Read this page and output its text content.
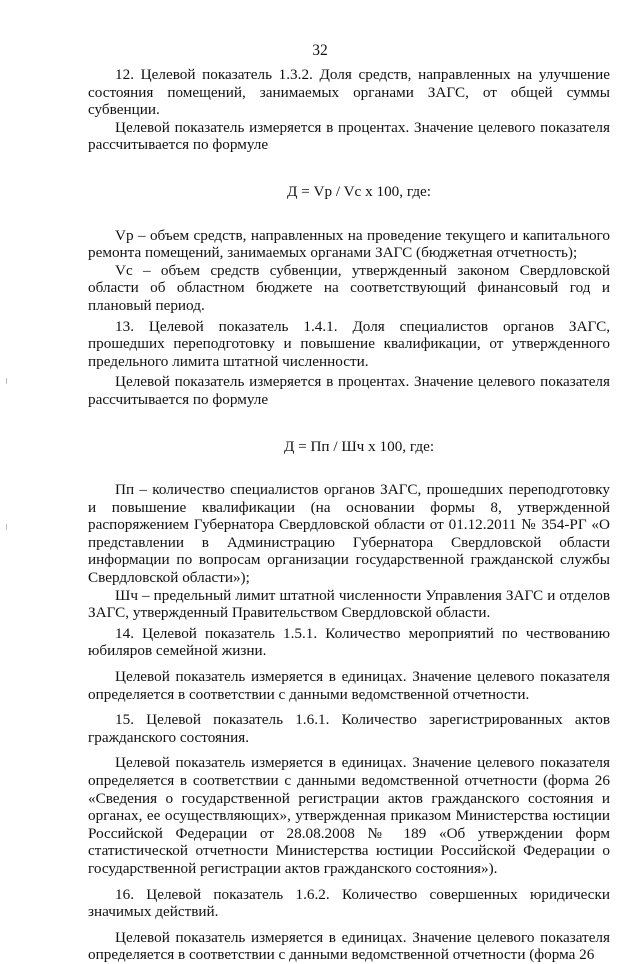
32

12. Целевой показатель 1.3.2. Доля средств, направленных на улучшение состояния помещений, занимаемых органами ЗАГС, от общей суммы субвенции.

Целевой показатель измеряется в процентах. Значение целевого показателя рассчитывается по формуле

Д = Vp / Vc x 100, где:

Vp – объем средств, направленных на проведение текущего и капитального ремонта помещений, занимаемых органами ЗАГС (бюджетная отчетность);

Vc – объем средств субвенции, утвержденный законом Свердловской области об областном бюджете на соответствующий финансовый год и плановый период.

13. Целевой показатель 1.4.1. Доля специалистов органов ЗАГС, прошедших переподготовку и повышение квалификации, от утвержденного предельного лимита штатной численности.

Целевой показатель измеряется в процентах. Значение целевого показателя рассчитывается по формуле

Д = Пп / Шч x 100, где:

Пп – количество специалистов органов ЗАГС, прошедших переподготовку и повышение квалификации (на основании формы 8, утвержденной распоряжением Губернатора Свердловской области от 01.12.2011 № 354-РГ «О представлении в Администрацию Губернатора Свердловской области информации по вопросам организации государственной гражданской службы Свердловской области»);

Шч – предельный лимит штатной численности Управления ЗАГС и отделов ЗАГС, утвержденный Правительством Свердловской области.

14. Целевой показатель 1.5.1. Количество мероприятий по чествованию юбиляров семейной жизни.

Целевой показатель измеряется в единицах. Значение целевого показателя определяется в соответствии с данными ведомственной отчетности.

15. Целевой показатель 1.6.1. Количество зарегистрированных актов гражданского состояния.

Целевой показатель измеряется в единицах. Значение целевого показателя определяется в соответствии с данными ведомственной отчетности (форма 26 «Сведения о государственной регистрации актов гражданского состояния и органах, ее осуществляющих», утвержденная приказом Министерства юстиции Российской Федерации от 28.08.2008 № 189 «Об утверждении форм статистической отчетности Министерства юстиции Российской Федерации о государственной регистрации актов гражданского состояния»).

16. Целевой показатель 1.6.2. Количество совершенных юридически значимых действий.

Целевой показатель измеряется в единицах. Значение целевого показателя определяется в соответствии с данными ведомственной отчетности (форма 26
